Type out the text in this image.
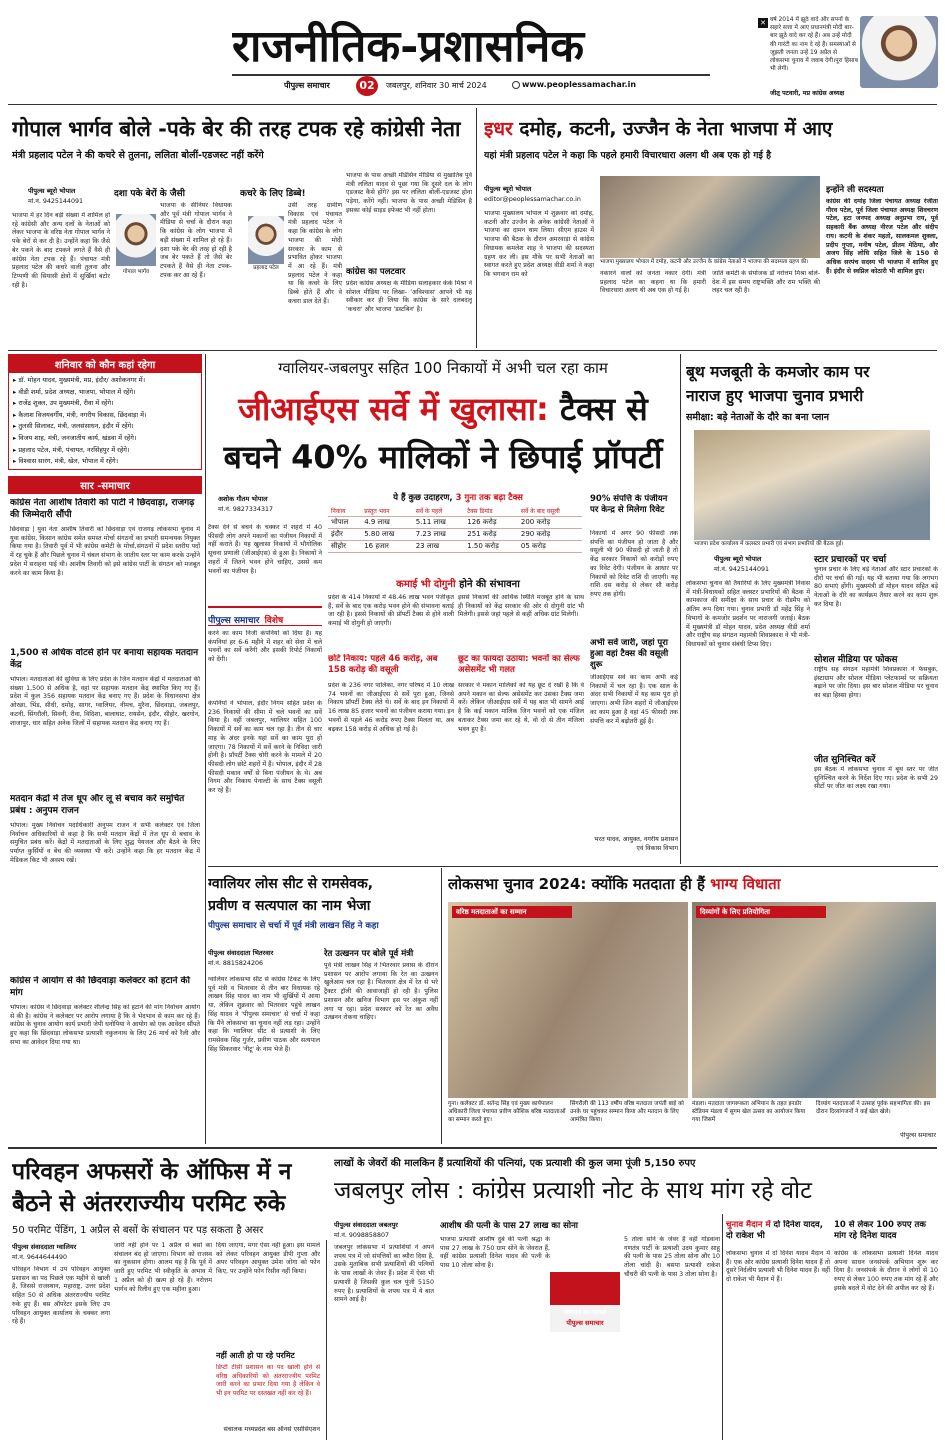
राजनीतिक-प्रशासनिक
पीपुल्स समाचार	02	जबलपुर, शनिवार 30 मार्च 2024	www.peoplessamachar.in
✕ वर्ष 2014 में झूठे वादे और सपनों के सहारे सत्ता में आए प्रधानमंत्री मोदी बार-बार झूठे वादे कर रहे हैं। अब उन्हें मोदी की गारंटी का नाम दे रहे हैं। समस्याओं से जूझती जनता उन्हें 19 अप्रैल से लोकसभा चुनाव में जवाब देगी।पूरा हिसाब भी लेगी।
जीतू पटवारी, मप्र कांग्रेस अध्यक्ष
गोपाल भार्गव बोले -पके बेर की तरह टपक रहे कांग्रेसी नेता
मंत्री प्रहलाद पटेल ने की कचरे से तुलना, ललिता बोलीं-एडजस्ट नहीं करेंगे
पीपुल्स ब्यूरो भोपाल
मो.नं. 9425144091
भाजपा में हर दिन बड़ी संख्या में शामिल हो रहे कांग्रेसी और अन्य दलों के नेताओं को लेकर भाजपा के वरिष्ठ नेता गोपाल भार्गव ने पके बेरों से कर दी है। उन्होंने कहा कि जैसे बेर पकने के बाद टपकने लगते हैं वैसे ही कांग्रेस नेता टपक रहे हैं। पंचायत मंत्री प्रहलाद पटेल की कचरे वाली तुलना और टिप्पणी की सियासी क्षेत्रों में सुर्खियां बटोर रही है।
दशा पके बेरों के जैसी
गोपाल भार्गव
भाजपा के सीनियर विधायक और पूर्व मंत्री गोपाल भार्गव ने मीडिया से चर्चा के दौरान कहा कि कांग्रेस के लोग भाजपा में बड़ी संख्या में शामिल हो रहे हैं। दशा पके बेर की तरह हो रही है जब बेर पकते हैं तो जैसे बेर टपकते हैं वैसे ही नेता टपक-टपक कर आ रहे हैं।
कचरे के लिए डिब्बे!
प्रहलाद पटेल
उसी तरह ग्रामीण विकास एवं पंचायत मंत्री प्रहलाद पटेल ने कहा कि कांग्रेस के लोग भाजपा की मोदी सरकार के काम से प्रभावित होकर भाजपा में आ रहे हैं। मंत्री प्रहलाद पटेल ने कहा था कि कचरे के लिए डिब्बे होते हैं और वे कचरा डाल देते हैं।
भाजपा के पास अच्छी मेडिसिन मीडिया से मुखातिब पूर्व मंत्री ललिता यादव से पूछा गया कि दूसरे दल के लोग एडजस्ट कैसे होंगे? इस पर ललिता बोलीं-एडजस्ट होना पड़ेगा, करेंगे नहीं। भाजपा के पास अच्छी मेडिसिन है इसका कोई साइड इफेक्ट भी नहीं होता।
कांग्रेस का पलटवार
प्रदेश कांग्रेस अध्यक्ष के मीडिया सलाहकार केके मिश्रा ने सोशल मीडिया पर लिखा- 'अविश्वास' आपने भी यह स्वीकार कर ही लिया कि कांग्रेस के सारे दलबदलू 'कचरा' और भाजपा 'डस्टबिन' है।
इधर दमोह, कटनी, उज्जैन के नेता भाजपा में आए
यहां मंत्री प्रहलाद पटेल ने कहा कि पहले हमारी विचारधारा अलग थी अब एक हो गई है
पीपुल्स ब्यूरो भोपाल
editor@peoplessamachar.co.in
भाजपा मुख्यालय भोपाल में दमोह, कटनी और उज्जैन के कांग्रेस नेताओं ने भाजपा की सदस्यता ग्रहण की।
भाजपा मुख्यालय भोपाल में शुक्रवार को दमोह, कटनी और उज्जैन के अनेक कांग्रेसी नेताओं ने भाजपा का दामन थाम लिया। सीएम हाउस में भाजपा की बैठक के दौरान अमरवाड़ा से कांग्रेस विधायक कमलेश शाह ने भाजपा की सदस्यता ग्रहण कर ली। इस मौके पर सभी नेताओं का स्वागत करते हुए प्रदेश अध्यक्ष वीडी शर्मा ने कहा कि भगवान राम को	नकारने वालों को जनता नकार देगी। मंत्री प्रहलाद पटेल का कहना था कि हमारी विचारधारा अलग थी अब एक हो गई है।
जाति कमेटी के संयोजक डॉ नरोत्तम मिश्रा बोले- देश में इस समय राष्ट्रभक्ति और राम भक्ति की लहर चल रही है।
इन्होंने ली सदस्यता
कांग्रेस की दमोह जिला पंचायत अध्यक्ष रंजीता गौरव पटेल, पूर्व जिला पंचायत अध्यक्ष शिवचरण पटेल, हटा जनपद अध्यक्ष अनुप्रभा राय, पूर्व सहकारी बैंक अध्यक्ष नीरज पटेल और संदीप राय। कटनी के शंकर महतो, सालकमल शुक्ला, प्रदीप गुप्ता, मनीष पटेल, प्रीतम मेठिया, और अजय सिंह लोधि सहित जिले के 150 से अधिक सरपंच सदस्य भी भाजपा में शामिल हुए हैं। इंदौर से स्वप्निल कोठारी भी शामिल हुए।
शनिवार को कौन कहां रहेगा
▸ डॉ. मोहन यादव, मुख्यमंत्री, मप्र, इंदौर/ अशोकनगर में।
▸ वीडी शर्मा, प्रदेश अध्यक्ष, भाजपा, भोपाल में रहेंगे।
▸ राजेंद्र शुक्ल, उप मुख्यमंत्री, रीवा में रहेंगे।
▸ कैलाश विजयवर्गीय, मंत्री, नगरीय विकास, छिंदवाड़ा में।
▸ तुलसी सिलावट, मंत्री, जलसंसाधन, इंदौर में रहेंगे।
▸ विजय शाह, मंत्री, जनजातीय कार्य, खंडवा में रहेंगे।
▸ प्रहलाद पटेल, मंत्री, पंचायत, नरसिंहपुर में रहेंगे।
▸ विश्वास सारंग, मंत्री, खेल, भोपाल में रहेंगे।
सार -समाचार
कांग्रेस नेता आशीष तिवारी को पार्टी ने छिंदवाड़ा, राजगढ़ की जिम्मेदारी सौंपी
छिंदवाड़ा | युवा नेता आशीष तिवारी को छिंदवाड़ा एवं राजगढ़ लोकसभा चुनाव में युवा कांग्रेस, किसान कांग्रेस समेत समस्त मोर्चा संगठनों का प्रभारी समन्वयक नियुक्त किया गया है। तिवारी पूर्व में भी कांग्रेस कमेटी के मोर्चा,संगठनों में प्रदेश स्तरीय पदों में रह चुके हैं और पिछले चुनाव में चंबल संभाग के जातीय स्तर पर काम करके उन्होंने प्रदेश में सराहना पाई थी। आशीष तिवारी को इसे कांग्रेस पार्टी के संगठन को मजबूत करने का काम किया है।
1,500 से अधिक वोटर्स होने पर बनाया सहायक मतदान केंद्र
भोपाल। मतदाताओं की सुविधा के लिए प्रदेश के जिन मतदान केंद्रों में मतदाताओं की संख्या 1,500 से अधिक है, वहां पर सहायक मतदान केंद्र स्थापित किए गए हैं। प्रदेश में कुल 356 सहायक मतदान केंद्र बनाए गए हैं। प्रदेश के विधानसभा क्षेत्र ओरछा, भिंड, सीधी, दमोह, सागर, ग्वालियर, नीमच, मुरैना, छिंदवाड़ा, जबलपुर, कटनी, सिंगरौली, सिवनी, रीवा, विदिशा, बालाघाट, रायसेन, इंदौर, सीहोर, खरगोन, शाजापुर, धार सहित अनेक जिलों में सहायक मतदान केंद्र बनाए गए हैं।
मतदान केंद्रों में तेज धूप और लू से बचाव करें समुचित प्रबंध : अनुपम राजन
भोपाल। मुख्य निर्वाचन पदाधिकारी अनुपम राजन ने सभी कलेक्टर एवं जिला निर्वाचन अधिकारियों से कहा है कि सभी मतदान केंद्रों में तेज धूप से बचाव के समुचित प्रबंध करें। केंद्रों में मतदाताओं के लिए शुद्ध पेयजल और बैठने के लिए पर्याप्त कुर्सियों व बेंच की व्यवस्था भी करें। उन्होंने कहा कि हर मतदान केंद्र में मेडिकल किट भी अवश्य रखें।
कांग्रेस ने आयोग से की छिंदवाड़ा कलेक्टर को हटाने की मांग
भोपाल। कांग्रेस ने छिंदवाड़ा कलेक्टर शीलेन्द्र सिंह को हटाने की मांग निर्वाचन आयोग से की है। कांग्रेस ने कलेक्टर पर आरोप लगाया है कि वे भेदभाव से काम कर रहे हैं। कांग्रेस के चुनाव आयोग कार्य प्रभारी जेपी धनोपिया ने आयोग को एक आवेदन सौंपते हुए कहा कि छिंदवाड़ा लोकसभा प्रत्याशी नकुलनाथ के लिए 26 मार्च को रैली और सभा का आवेदन दिया गया था।
ग्वालियर-जबलपुर सहित 100 निकायों में अभी चल रहा काम
जीआईएस सर्वे में खुलासा: टैक्स से
बचने 40% मालिकों ने छिपाई प्रॉपर्टी
अशोक गौतम भोपाल
मो.नं. 9827334317
ये हैं कुछ उदाहरण, 3 गुना तक बढ़ा टैक्स
निकाय	प्रस्तुत भवन	सर्वे के पहले	टैक्स डिमांड	सर्वे के बाद वसूली
भोपाल	4.9 लाख	5.11 लाख	126 करोड़	200 करोड़
इंदौर	5.80 लाख	7.23 लाख	251 करोड़	290 करोड़
सीहोर	16 हजार	23 लाख	1.50 करोड़	05 करोड़
टैक्स देने से बचने के चक्कर में शहरों में 40 फीसदी लोग अपने मकानों का पंजीयन निकायों में नहीं कराते हैं। यह खुलासा निकायों में भौगोलिक सूचना प्रणाली (जीआईएस) से हुआ है। निकायों ने शहरों में जितने भवन होने चाहिए, उससे कम भवनों का पंजीयन है।
पीपुल्स समाचार विशेष
करने का काम निजी कंपनियों को दिया है। यह कंपनियां हर 6-6 महीने में शहर को सेवा में चले भवनों का सर्वे करेंगी और इसकी रिपोर्ट निकायों को देंगी।
कंपनियों ने भोपाल, इंदौर निगम सहित प्रदेश के 236 निकायों की सीमा में चले भवनों का सर्वे किया है। वहीं जबलपुर, ग्वालियर सहित 100 निकायों में सर्वे का काम चल रहा है। तीन से चार माह के अंदर इनके यहां सर्वे का काम पूरा हो जाएगा। 78 निकायों में सर्वे करने के निविदा जारी होनी है। प्रॉपर्टी टैक्स चोरी करने के मामले में 20 फीसदी लोग छोटे शहरों में हैं। भोपाल, इंदौर में 28 फीसदी मकान वर्षों से बिना पंजीयन के थे। अब निगम और निकाय पेनाल्टी के साथ टैक्स वसूली कर रहे हैं।
कमाई भी दोगुनी होने की संभावना
प्रदेश के 414 निकायों में 48.46 लाख भवन पंजीकृत हैं, सर्वे के बाद एक करोड़ भवन होने की संभावना बताई जा रही है। इससे निकायों की प्रॉपर्टी टैक्स से होने वाली कमाई भी दोगुनी हो जाएगी।
इससे निकायों की आर्थिक स्थिति मजबूत होने के साथ ही निकायों को केंद्र सरकार की ओर से दोगुनी ग्रांट भी मिलेगी। इससे जहां पहले से कहीं अधिक ग्रांट मिलेगी।
छोटे निकाय: पहले 46 करोड़, अब 158 करोड़ की वसूली
प्रदेश के 236 नगर पालिका, नगर परिषद में 10 लाख 74 भवनों का जीआईएस से सर्वे पूरा हुआ, जिनसे निकाय प्रॉपर्टी टैक्स लेते थे। सर्वे के बाद इन निकायों में 16 लाख 85 हजार भवनों का पंजीयन कराया गया। इन भवनों से पहले 46 करोड़ रुपए टैक्स मिलता था, अब बढ़कर 158 करोड़ से अधिक हो गई है।
छूट का फायदा उठाया: भवनों का सेल्फ असेसमेंट भी गलत
सरकार ने मकान मालिकों को यह छूट दे रखी है कि वे अपने मकान का सेल्फ असेसमेंट कर उसका टैक्स जमा करें। लेकिन जीआईएस सर्वे में यह बात भी सामने आई है कि कई मकान मालिक जिन भवनों को एक मंजिल बताकर टैक्स जमा कर रहे थे, वो दो से तीन मंजिला भवन हुए हैं।
90% संपत्ति के पंजीयन पर केन्द्र से मिलेगा रिवेट
निकायों में अगर 90 फीसदी तक संपत्ति का पंजीयन हो जाता है और वसूली भी 90 फीसदी हो जाती है तो केंद्र सरकार निकायों को करोड़ों रुपए का रिवेट देगी। पंजीयन के आधार पर निकायों को रिवेट राशि दी जाएगी। यह राशि दस करोड़ से लेकर सौ करोड़ रुपए तक होगी।
अभी सर्वे जारी, जहां पूरा हुआ वहां टैक्स की वसूली शुरू
जीआईएस सर्वे का काम अभी कई निकायों में चल रहा है। एक साल के अंदर सभी निकायों में यह काम पूरा हो जाएगा। अभी जिन शहरों में जीआईएस का काम हुआ है वहां 45 फीसदी तक संपत्ति कर में बढ़ोतरी हुई है।
भरत यादव, आयुक्त, नगरीय प्रशासन एवं विकास विभाग
बूथ मजबूती के कमजोर काम पर
नाराज हुए भाजपा चुनाव प्रभारी
समीक्षा: बड़े नेताओं के दौरे का बना प्लान
भाजपा प्रदेश कार्यालय में कलस्टर प्रभारी एवं संभाग प्रभारियों की बैठक हुई।
पीपुल्स ब्यूरो भोपाल
मो.नं. 9425144091
लोकसभा चुनाव की तैयारियों के लिए मुख्यमंत्री निवास में मंत्री-विधायकों सहित क्लस्टर प्रभारियों की बैठक में कामकाज की समीक्षा के साथ प्रचार के रोडमैप को अंतिम रूप दिया गया। चुनाव प्रभारी डॉ महेंद्र सिंह ने विभागों के कमजोर प्रदर्शन पर नाराजगी जताई। बैठक में मुख्यमंत्री डॉ मोहन यादव, प्रदेश अध्यक्ष वीडी शर्मा और राष्ट्रीय सह संगठन महामंत्री शिवप्रकाश ने भी मंत्री-विधायकों को चुनाव संबंधी टिप्स दिए।
स्टार प्रचारकों पर चर्चा
चुनाव प्रचार के लिए बड़े नेताओं और स्टार प्रचारकों के दौरों पर चर्चा की गई। यह भी बताया गया कि लगभग 80 सभाएं होंगी। मुख्यमंत्री डॉ मोहन यादव सहित बड़े नेताओं के दौरे का कार्यक्रम तैयार करने का काम शुरू कर दिया है।
सोशल मीडिया पर फोकस
राष्ट्रीय सह संगठन महामंत्री शिवप्रकाश ने फेसबुक, इंस्टाग्राम और सोशल मीडिया प्लेटफार्म्स पर सक्रियता बढ़ाने पर जोर दिया। इस बार सोशल मीडिया पर चुनाव का बड़ा हिस्सा होगा।
जीत सुनिश्चित करें
इस बैठक में लोकसभा चुनाव में बूथ स्तर पर जीत सुनिश्चित करने के निर्देश दिए गए। प्रदेश के सभी 29 सीटों पर जीत का लक्ष्य रखा गया।
ग्वालियर लोस सीट से रामसेवक,
प्रवीण व सत्यपाल का नाम भेजा
पीपुल्स समाचार से चर्चा में पूर्व मंत्री लाखन सिंह ने कहा
पीपुल्स संवाददाता भितरवार
मो.नं. 8815824206
ग्वालियर लोकसभा सीट से कांग्रेस टिकट के लिए पूर्व मंत्री व भितरवार से तीन बार विधायक रहे लाखन सिंह यादव का नाम भी सुर्खियों में आया था, लेकिन शुक्रवार को भितरवार पहुंचे लाखन सिंह यादव ने 'पीपुल्स समाचार' से चर्चा में कहा कि मैंने लोकसभा का चुनाव नहीं लड़ रहा। उन्होंने कहा कि ग्वालियर सीट से प्रत्याशी के लिए रामसेवक सिंह गुर्जर, प्रवीण पाठक और सत्यपाल सिंह सिकरवार 'नीटू' के नाम भेजे हैं।
रेत उत्खनन पर बोले पूर्व मंत्री
पूर्व मंत्री लाखन सिंह ने भितरवार प्रवास के दौरान प्रशासन पर आरोप लगाया कि रेत का उत्खनन खुलेआम चल रहा है। भितरवार क्षेत्र में रेत से भरे ट्रैक्टर ट्रॉली की आवाजाही हो रही है। पुलिस प्रशासन और खनिज विभाग इस पर अंकुश नहीं लगा पा रहा। प्रदेश सरकार को रेत का अवैध उत्खनन रोकना चाहिए।
लोकसभा चुनाव 2024: क्योंकि मतदाता ही हैं भाग्य विधाता
वरिष्ठ मतदाताओं का सम्मान	दिव्यांगों के लिए प्रतियोगिता
गुना। कलेक्टर डॉ. सतेन्द्र सिंह एवं मुख्य कार्यपालन अधिकारी जिला पंचायत प्रवीण कौशिक बरिष्ठ मतदाताओं का सम्मान करते हुए।
सिंगरौली की 113 वर्षीय वरिष्ठ मतदाता जयंती बाई को उनके घर पहुंचकर सम्मान किया और मतदान के लिए आमंत्रित किया।
मंडला। मतदाता जागरूकता अभियान के तहत इनडोर स्टेडियम मंडला में सुगम खेल उत्सव का आयोजन किया गया जिसमें
दिव्यांग मतदाताओं ने उत्साह पूर्वक सहभागिता की। इस दौरान दिव्यांगजनों ने कई खेल खेले।
पीपुल्स समाचार
परिवहन अफसरों के ऑफिस में न
बैठने से अंतरराज्यीय परमिट रुके
50 परमिट पेंडिंग, 1 अप्रैल से बसों के संचालन पर पड़ सकता है असर
पीपुल्स संवाददाता ग्वालियर
मो.नं. 9644644490
परिवहन विभाग में उप परिवहन आयुक्त प्रशासन का पद पिछले एक महीने से खाली है, जिससे राजस्थान, महाराष्ट्र, उत्तर प्रदेश सहित 50 से अधिक अंतरराज्यीय परमिट रुके हुए हैं। बस ऑपरेटर इसके लिए उप परिवहन आयुक्त कार्यालय के चक्कर लगा रहे हैं।
जारी नहीं होने पर 1 अप्रैल से बसों का संचालन बंद हो जाएगा। विभाग को राजस्व का नुकसान होगा। आलम यह है कि पूर्व में जारी हुए परमिट भी स्वीकृति के अभाव में 1 अप्रैल को ही खत्म हो रहे हैं। नरोत्तम भार्गव को रिलीव हुए एक महीना हुआ।
दिया जाएगा, मगर ऐसा नहीं हुआ। इस मामले को लेकर परिवहन आयुक्त डीपी गुप्ता और अपर परिवहन आयुक्त उमेश जोगा को फोन किए, पर उन्होंने फोन रिसीव नहीं किया।
नहीं आती हो पा रहे परमिट
डिप्टी टीसी प्रशासन का पद खाली होने से वरिष्ठ अधिकारियों को अंतरराज्यीय परमिट जारी करने का प्रभार दिया गया है लेकिन वे भी इन परमिट पर दस्तखत नहीं कर रहे हैं।
संचालक मध्यप्रदेश बस ऑनर्स एसोसिएशन
लाखों के जेवरों की मालकिन हैं प्रत्याशियों की पत्नियां, एक प्रत्याशी की कुल जमा पूंजी 5,150 रुपए
जबलपुर लोस : कांग्रेस प्रत्याशी नोट के साथ मांग रहे वोट
पीपुल्स संवाददाता जबलपुर
मो.नं. 9098858807
जबलपुर लोकसभा में प्रत्याशियों ने अपने शपथ पत्र में जो संपत्तियों का ब्यौरा दिया है, उसके मुताबिक सभी प्रत्याशियों की पत्नियों के पास लाखों के जेवर हैं। प्रदेश में ऐसा भी प्रत्याशी है जिसकी कुल चल पूंजी 5150 रुपए है। प्रत्याशियों के शपथ पत्र में ये बात सामने आई है।
आशीष की पत्नी के पास 27 लाख का सोना
भाजपा प्रत्याशी आशीष दुबे की पत्नी श्रद्धा के पास 27 लाख के 750 ग्राम सोने के जेवरात हैं, वहीं कांग्रेस प्रत्याशी दिनेश यादव की पत्नी के पास 10 तोला सोना है।
लोकतंत्र का महापर्व
पीपुल्स समाचार
5 तोला सोने के जेवर हैं वहीं गोंडवाना गणतंत्र पार्टी के प्रत्याशी उदय कुमार साहू की पत्नी के पास 25 तोला सोना और 10 तोला चांदी है। बसपा प्रत्याशी राकेश चौधरी की पत्नी के पास 3 तोला सोना है।
चुनाव मैदान में दो दिनेश यादव, दो राकेश भी
लोकसभा चुनाव में दो दिनेश यादव मैदान में हैं। एक ओर कांग्रेस प्रत्याशी दिनेश यादव हैं तो दूसरे निर्दलीय प्रत्याशी भी दिनेश यादव हैं। वहीं दो राकेश भी मैदान में हैं।
10 से लेकर 100 रुपए तक मांग रहे दिनेश यादव
कांग्रेस के लोकसभा प्रत्याशी दिनेश यादव अपना साधन जनसंपर्क अभियान शुरू कर दिया है। जनसंपर्क के दौरान वे लोगों से 10 रुपए से लेकर 100 रुपए तक मांग रहे हैं और इसके बदले में वोट देने की अपील कर रहे हैं।
